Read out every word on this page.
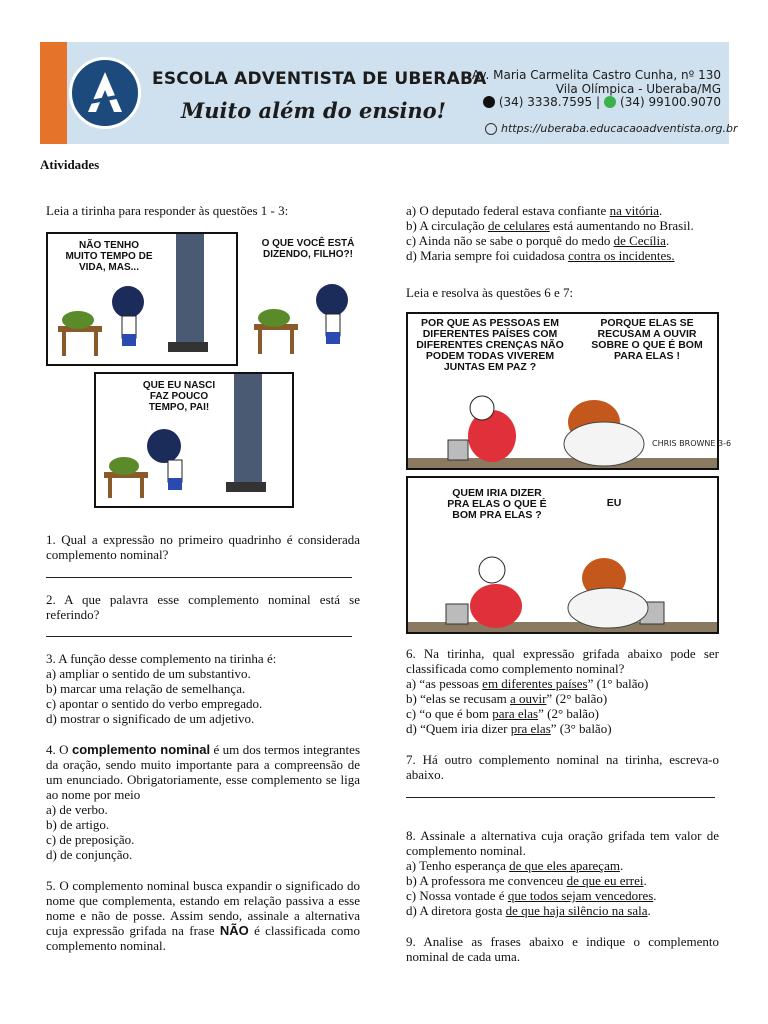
ESCOLA ADVENTISTA DE UBERABA
Muito além do ensino!
Av. Maria Carmelita Castro Cunha, nº 130
Vila Olímpica - Uberaba/MG
(34) 3338.7595 | (34) 99100.9070
https://uberaba.educacaoadventista.org.br
Atividades

Leia a tirinha para responder às questões 1 - 3:

NÃO TENHO MUITO TEMPO DE VIDA, MAS...
O QUE VOCÊ ESTÁ DIZENDO, FILHO?!
QUE EU NASCI FAZ POUCO TEMPO, PAI!

1. Qual a expressão no primeiro quadrinho é considerada complemento nominal?

2. A que palavra esse complemento nominal está se referindo?

3. A função desse complemento na tirinha é:

a) ampliar o sentido de um substantivo.

b) marcar uma relação de semelhança.

c) apontar o sentido do verbo empregado.

d) mostrar o significado de um adjetivo.

4. O complemento nominal é um dos termos integrantes da oração, sendo muito importante para a compreensão de um enunciado. Obrigatoriamente, esse complemento se liga ao nome por meio

a) de verbo.

b) de artigo.

c) de preposição.

d) de conjunção.

5. O complemento nominal busca expandir o significado do nome que complementa, estando em relação passiva a esse nome e não de posse. Assim sendo, assinale a alternativa cuja expressão grifada na frase NÃO é classificada como complemento nominal.

a) O deputado federal estava confiante na vitória.

b) A circulação de celulares está aumentando no Brasil.

c) Ainda não se sabe o porquê do medo de Cecília.

d) Maria sempre foi cuidadosa contra os incidentes.

Leia e resolva às questões 6 e 7:

CHRIS BROWNE 3-6
POR QUE AS PESSOAS EM DIFERENTES PAÍSES COM DIFERENTES CRENÇAS NÃO PODEM TODAS VIVEREM JUNTAS EM PAZ ?
PORQUE ELAS SE RECUSAM A OUVIR SOBRE O QUE É BOM PARA ELAS !
QUEM IRIA DIZER PRA ELAS O QUE É BOM PRA ELAS ?
EU

6. Na tirinha, qual expressão grifada abaixo pode ser classificada como complemento nominal?

a) “as pessoas em diferentes países” (1° balão)

b) “elas se recusam a ouvir” (2° balão)

c) “o que é bom para elas” (2° balão)

d) “Quem iria dizer pra elas” (3° balão)

7. Há outro complemento nominal na tirinha, escreva-o abaixo.

8. Assinale a alternativa cuja oração grifada tem valor de complemento nominal.

a) Tenho esperança de que eles apareçam.

b) A professora me convenceu de que eu errei.

c) Nossa vontade é que todos sejam vencedores.

d) A diretora gosta de que haja silêncio na sala.

9. Analise as frases abaixo e indique o complemento nominal de cada uma.
